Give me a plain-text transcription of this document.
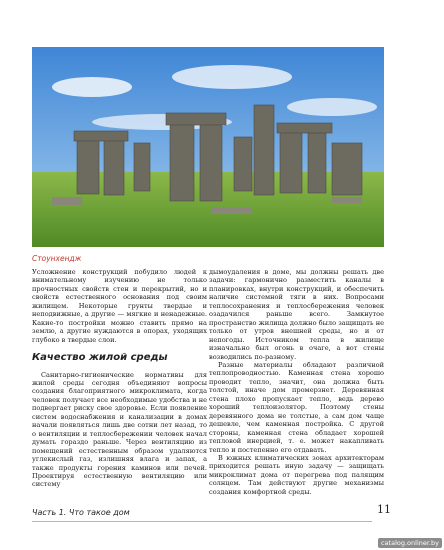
Стоунхендж

Усложнение конструкций побудило людей к внимательному изучению не только прочностных свойств стен и перекрытий, но и свойств естественного основания под своим жилищем. Некоторые грунты твердые и неподвижные, а другие — мягкие и ненадежные. Какие-то постройки можно ставить прямо на землю, а другие нуждаются в опорах, уходящих глубоко в твердые слои.

Качество жилой среды

Санитарно-гигиенические нормативы для жилой среды сегодня объединяют вопросы создания благоприятного микроклимата, когда человек получает все необходимые удобства и не подвергает риску свое здоровье. Если появление систем водоснабжения и канализации в домах начали появляться лишь две сотни лет назад, то о вентиляции и теплосбережении человек начал думать гораздо раньше. Через вентиляцию из помещений естественным образом удаляются углекислый газ, излишняя влага и запах, а также продукты горения каминов или печей. Проектируя естественную вентиляцию или систему

дымоудаления в доме, мы должны решать две задачи: гармонично разместить каналы в планировках, внутри конструкций, и обеспечить наличие системной тяги в них. Вопросами теплосохранения и теплосбережения человек озадачился раньше всего. Замкнутое пространство жилища должно было защищать не только от утров внешней среды, но и от непогоды. Источником тепла в жилище изначально был огонь в очаге, а вот стены возводились по-разному.

Разные материалы обладают различной теплопроводностью. Каменная стена хорошо проводит тепло, значит, она должна быть толстой, иначе дом промерзнет. Деревянная стена плохо пропускает тепло, ведь дерево хороший теплоизолятор. Поэтому стены деревянного дома не толстые, а сам дом чаще дешевле, чем каменная постройка. С другой стороны, каменная стена обладает хорошей тепловой инерцией, т. е. может накапливать тепло и постепенно его отдавать.

В южных климатических зонах архитекторам приходится решать иную задачу — защищать микроклимат дома от перегрева под палящим солнцем. Там действуют другие механизмы создания комфортной среды.

Часть 1. Что такое дом	11
catalog.onliner.by
